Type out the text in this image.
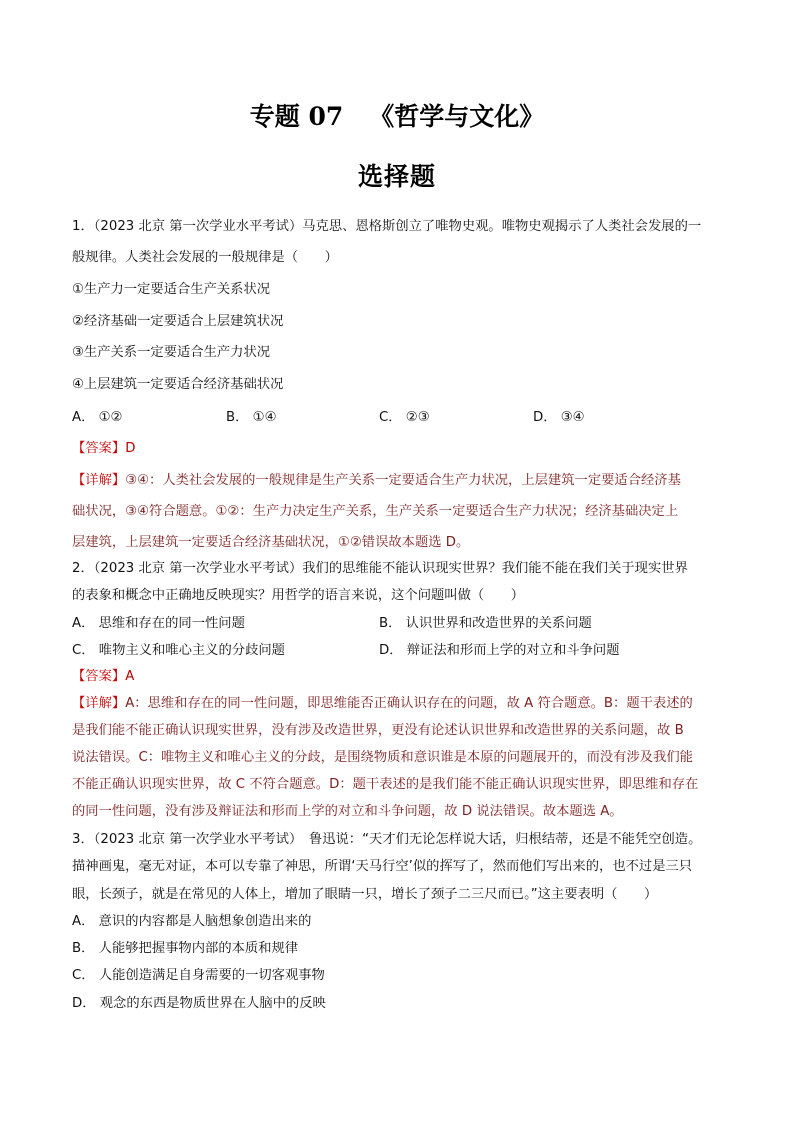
专题 07 《哲学与文化》
选择题
1．（2023 北京 第一次学业水平考试）马克思、恩格斯创立了唯物史观。唯物史观揭示了人类社会发展的一
般规律。人类社会发展的一般规律是（　　）
①生产力一定要适合生产关系状况
②经济基础一定要适合上层建筑状况
③生产关系一定要适合生产力状况
④上层建筑一定要适合经济基础状况
A． ①②	B． ①④	C． ②③	D． ③④
【答案】D
【详解】③④：人类社会发展的一般规律是生产关系一定要适合生产力状况，上层建筑一定要适合经济基
础状况，③④符合题意。①②：生产力决定生产关系，生产关系一定要适合生产力状况；经济基础决定上
层建筑，上层建筑一定要适合经济基础状况，①②错误故本题选 D。
2．（2023 北京 第一次学业水平考试）我们的思维能不能认识现实世界？我们能不能在我们关于现实世界
的表象和概念中正确地反映现实？用哲学的语言来说，这个问题叫做（　　）
A． 思维和存在的同一性问题	B． 认识世界和改造世界的关系问题
C． 唯物主义和唯心主义的分歧问题	D． 辩证法和形而上学的对立和斗争问题
【答案】A
【详解】A：思维和存在的同一性问题，即思维能否正确认识存在的问题，故 A 符合题意。B：题干表述的
是我们能不能正确认识现实世界，没有涉及改造世界，更没有论述认识世界和改造世界的关系问题，故 B
说法错误。C：唯物主义和唯心主义的分歧，是围绕物质和意识谁是本原的问题展开的，而没有涉及我们能
不能正确认识现实世界，故 C 不符合题意。D：题干表述的是我们能不能正确认识现实世界，即思维和存在
的同一性问题，没有涉及辩证法和形而上学的对立和斗争问题，故 D 说法错误。故本题选 A。
3．（2023 北京 第一次学业水平考试）　鲁迅说：“天才们无论怎样说大话，归根结蒂，还是不能凭空创造。
描神画鬼，毫无对证，本可以专靠了神思，所谓‘天马行空’似的挥写了，然而他们写出来的，也不过是三只
眼，长颈子，就是在常见的人体上，增加了眼睛一只，增长了颈子二三尺而已。”这主要表明（　　）
A． 意识的内容都是人脑想象创造出来的
B． 人能够把握事物内部的本质和规律
C． 人能创造满足自身需要的一切客观事物
D． 观念的东西是物质世界在人脑中的反映
